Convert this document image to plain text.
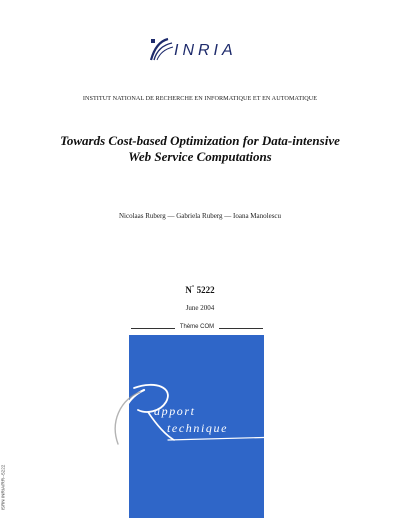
INRIA
INSTITUT NATIONAL DE RECHERCHE EN INFORMATIQUE ET EN AUTOMATIQUE
Towards Cost-based Optimization for Data-intensive
Web Service Computations
Nicolaas Ruberg — Gabriela Ruberg — Ioana Manolescu
N° 5222
June 2004
Thème COM
apport
technique
ISRN INRIA/RR--5222
